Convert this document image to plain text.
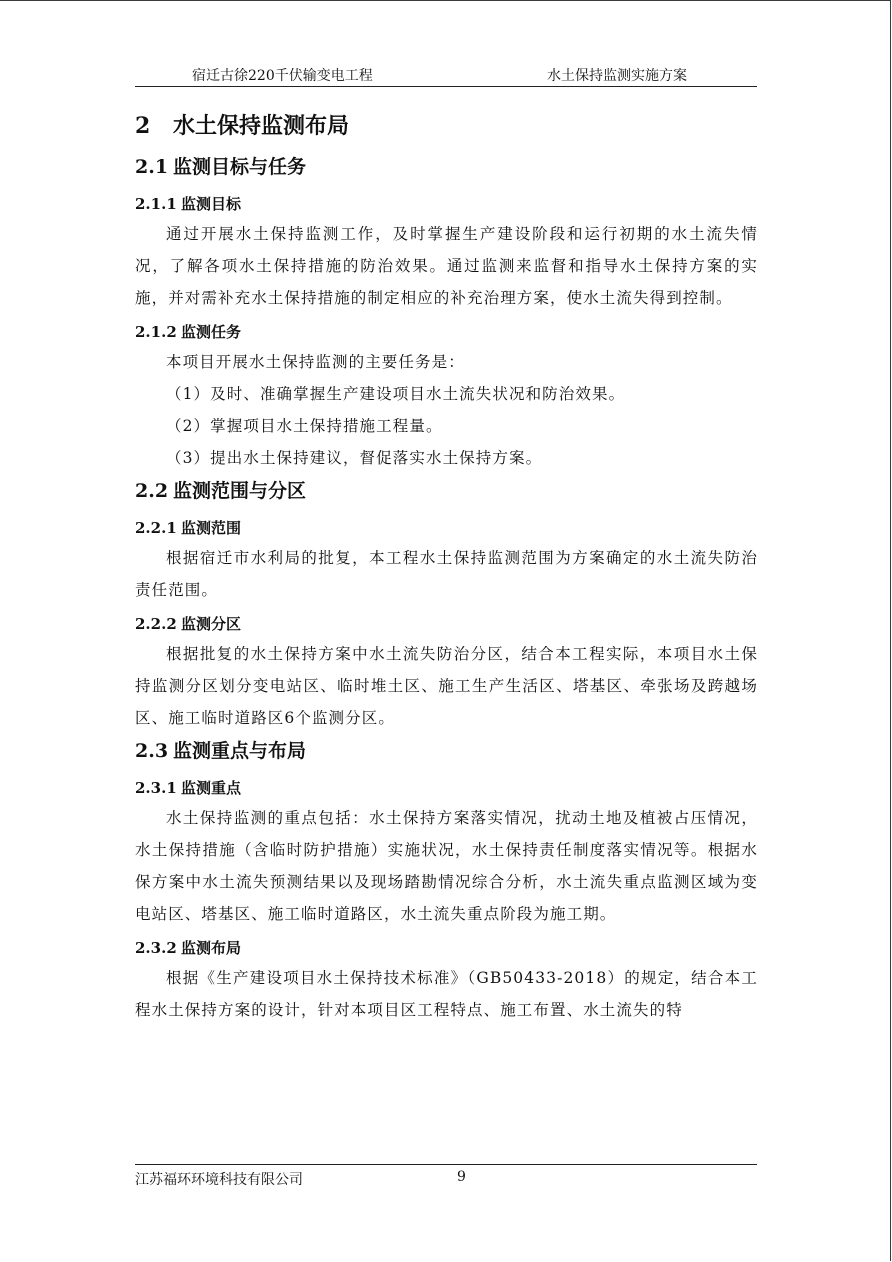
宿迁古徐220千伏输变电工程	水土保持监测实施方案
2 水土保持监测布局
2.1 监测目标与任务
2.1.1 监测目标

通过开展水土保持监测工作，及时掌握生产建设阶段和运行初期的水土流失情况，了解各项水土保持措施的防治效果。通过监测来监督和指导水土保持方案的实施，并对需补充水土保持措施的制定相应的补充治理方案，使水土流失得到控制。

2.1.2 监测任务

本项目开展水土保持监测的主要任务是：

（1）及时、准确掌握生产建设项目水土流失状况和防治效果。

（2）掌握项目水土保持措施工程量。

（3）提出水土保持建议，督促落实水土保持方案。

2.2 监测范围与分区
2.2.1 监测范围

根据宿迁市水利局的批复，本工程水土保持监测范围为方案确定的水土流失防治责任范围。

2.2.2 监测分区

根据批复的水土保持方案中水土流失防治分区，结合本工程实际，本项目水土保持监测分区划分变电站区、临时堆土区、施工生产生活区、塔基区、牵张场及跨越场区、施工临时道路区6个监测分区。

2.3 监测重点与布局
2.3.1 监测重点

水土保持监测的重点包括：水土保持方案落实情况，扰动土地及植被占压情况，水土保持措施（含临时防护措施）实施状况，水土保持责任制度落实情况等。根据水保方案中水土流失预测结果以及现场踏勘情况综合分析，水土流失重点监测区域为变电站区、塔基区、施工临时道路区，水土流失重点阶段为施工期。

2.3.2 监测布局

根据《生产建设项目水土保持技术标准》（GB50433-2018）的规定，结合本工程水土保持方案的设计，针对本项目区工程特点、施工布置、水土流失的特

江苏福环环境科技有限公司	9
